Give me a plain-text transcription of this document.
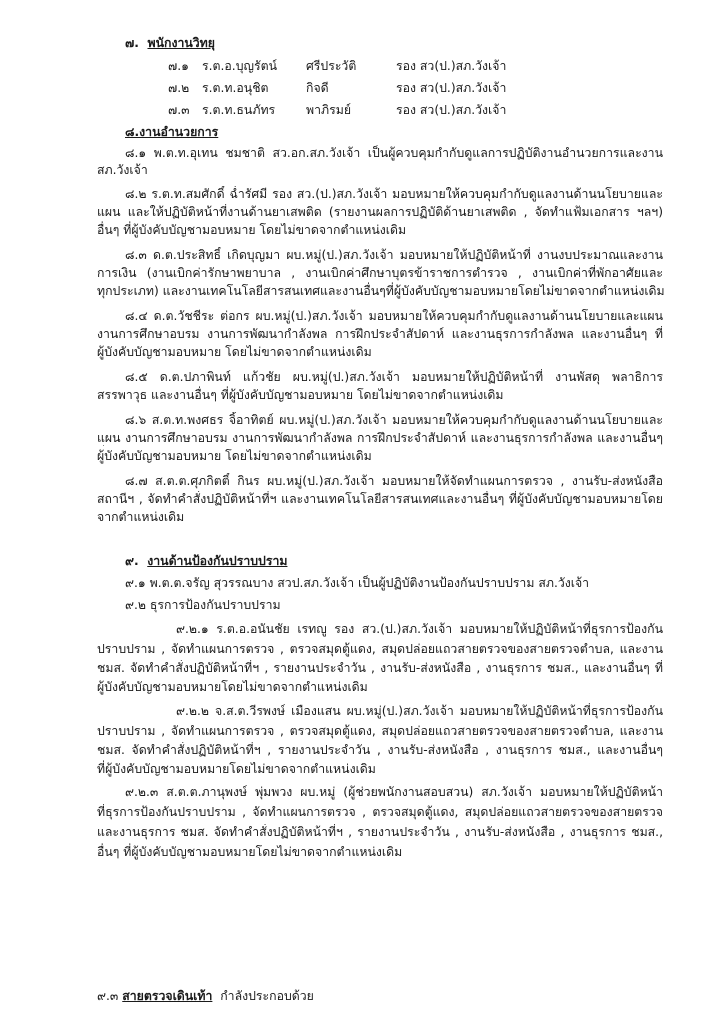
๗. พนักงานวิทยุ
๗.๑ ร.ต.อ.บุญรัตน์ ศรีประวัติ	รอง สว(ป.)สภ.วังเจ้า
๗.๒ ร.ต.ท.อนุชิต	กิจดี	รอง สว(ป.)สภ.วังเจ้า
๗.๓ ร.ต.ท.ธนภัทร	พาภิรมย์	รอง สว(ป.)สภ.วังเจ้า
๘.งานอำนวยการ
๘.๑ พ.ต.ท.อุเทน ชมชาติ สว.อก.สภ.วังเจ้า เป็นผู้ควบคุมกำกับดูแลการปฏิบัติงานอำนวยการและงาน
สภ.วังเจ้า
๘.๒ ร.ต.ท.สมศักดิ์ ฉ่ำรัศมี รอง สว.(ป.)สภ.วังเจ้า มอบหมายให้ควบคุมกำกับดูแลงานด้านนโยบายและ
แผน และให้ปฏิบัติหน้าที่งานด้านยาเสพติด (รายงานผลการปฏิบัติด้านยาเสพติด , จัดทำแฟ้มเอกสาร ฯลฯ)
อื่นๆ ที่ผู้บังคับบัญชามอบหมาย โดยไม่ขาดจากตำแหน่งเดิม
๘.๓ ด.ต.ประสิทธิ์ เกิดบุญมา ผบ.หมู่(ป.)สภ.วังเจ้า มอบหมายให้ปฏิบัติหน้าที่ งานงบประมาณและงาน
การเงิน (งานเบิกค่ารักษาพยาบาล , งานเบิกค่าศึกษาบุตรข้าราชการตำรวจ , งานเบิกค่าที่พักอาศัยและ
ทุกประเภท) และงานเทคโนโลยีสารสนเทศและงานอื่นๆที่ผู้บังคับบัญชามอบหมายโดยไม่ขาดจากตำแหน่งเดิม
๘.๔ ด.ต.วัชชีระ ต่อกร ผบ.หมู่(ป.)สภ.วังเจ้า มอบหมายให้ควบคุมกำกับดูแลงานด้านนโยบายและแผน
งานการศึกษาอบรม งานการพัฒนากำลังพล การฝึกประจำสัปดาห์ และงานธุรการกำลังพล และงานอื่นๆ ที่
ผู้บังคับบัญชามอบหมาย โดยไม่ขาดจากตำแหน่งเดิม
๘.๕ ด.ต.ปภาพินท์ แก้วชัย ผบ.หมู่(ป.)สภ.วังเจ้า มอบหมายให้ปฏิบัติหน้าที่ งานพัสดุ พลาธิการ
สรรพาวุธ และงานอื่นๆ ที่ผู้บังคับบัญชามอบหมาย โดยไม่ขาดจากตำแหน่งเดิม
๘.๖ ส.ต.ท.พงศธร จิ้อาทิตย์ ผบ.หมู่(ป.)สภ.วังเจ้า มอบหมายให้ควบคุมกำกับดูแลงานด้านนโยบายและ
แผน งานการศึกษาอบรม งานการพัฒนากำลังพล การฝึกประจำสัปดาห์ และงานธุรการกำลังพล และงานอื่นๆ
ผู้บังคับบัญชามอบหมาย โดยไม่ขาดจากตำแหน่งเดิม
๘.๗ ส.ต.ต.ศุภกิตติ์ กินร ผบ.หมู่(ป.)สภ.วังเจ้า มอบหมายให้จัดทำแผนการตรวจ , งานรับ-ส่งหนังสือ
สถานีฯ , จัดทำคำสั่งปฏิบัติหน้าที่ฯ และงานเทคโนโลยีสารสนเทศและงานอื่นๆ ที่ผู้บังคับบัญชามอบหมายโดย
จากตำแหน่งเดิม
๙. งานด้านป้องกันปราบปราม
๙.๑ พ.ต.ต.จรัญ สุวรรณบาง สวป.สภ.วังเจ้า เป็นผู้ปฏิบัติงานป้องกันปราบปราม สภ.วังเจ้า
๙.๒ ธุรการป้องกันปราบปราม
๙.๒.๑ ร.ต.อ.อนันชัย เรทญู รอง สว.(ป.)สภ.วังเจ้า มอบหมายให้ปฏิบัติหน้าที่ธุรการป้องกัน
ปราบปราม , จัดทำแผนการตรวจ , ตรวจสมุดตู้แดง, สมุดปล่อยแถวสายตรวจของสายตรวจตำบล, และงาน
ชมส. จัดทำคำสั่งปฏิบัติหน้าที่ฯ , รายงานประจำวัน , งานรับ-ส่งหนังสือ , งานธุรการ ชมส., และงานอื่นๆ ที่
ผู้บังคับบัญชามอบหมายโดยไม่ขาดจากตำแหน่งเดิม
๙.๒.๒ จ.ส.ต.วีรพงษ์ เมืองแสน ผบ.หมู่(ป.)สภ.วังเจ้า มอบหมายให้ปฏิบัติหน้าที่ธุรการป้องกัน
ปราบปราม , จัดทำแผนการตรวจ , ตรวจสมุดตู้แดง, สมุดปล่อยแถวสายตรวจของสายตรวจตำบล, และงาน
ชมส. จัดทำคำสั่งปฏิบัติหน้าที่ฯ , รายงานประจำวัน , งานรับ-ส่งหนังสือ , งานธุรการ ชมส., และงานอื่นๆ
ที่ผู้บังคับบัญชามอบหมายโดยไม่ขาดจากตำแหน่งเดิม
๙.๒.๓ ส.ต.ต.ภานุพงษ์ พุ่มพวง ผบ.หมู่ (ผู้ช่วยพนักงานสอบสวน) สภ.วังเจ้า มอบหมายให้ปฏิบัติหน้า
ที่ธุรการป้องกันปราบปราม , จัดทำแผนการตรวจ , ตรวจสมุดตู้แดง, สมุดปล่อยแถวสายตรวจของสายตรวจ
และงานธุรการ ชมส. จัดทำคำสั่งปฏิบัติหน้าที่ฯ , รายงานประจำวัน , งานรับ-ส่งหนังสือ , งานธุรการ ชมส.,
อื่นๆ ที่ผู้บังคับบัญชามอบหมายโดยไม่ขาดจากตำแหน่งเดิม
๙.๓ สายตรวจเดินเท้า กำลังประกอบด้วย
